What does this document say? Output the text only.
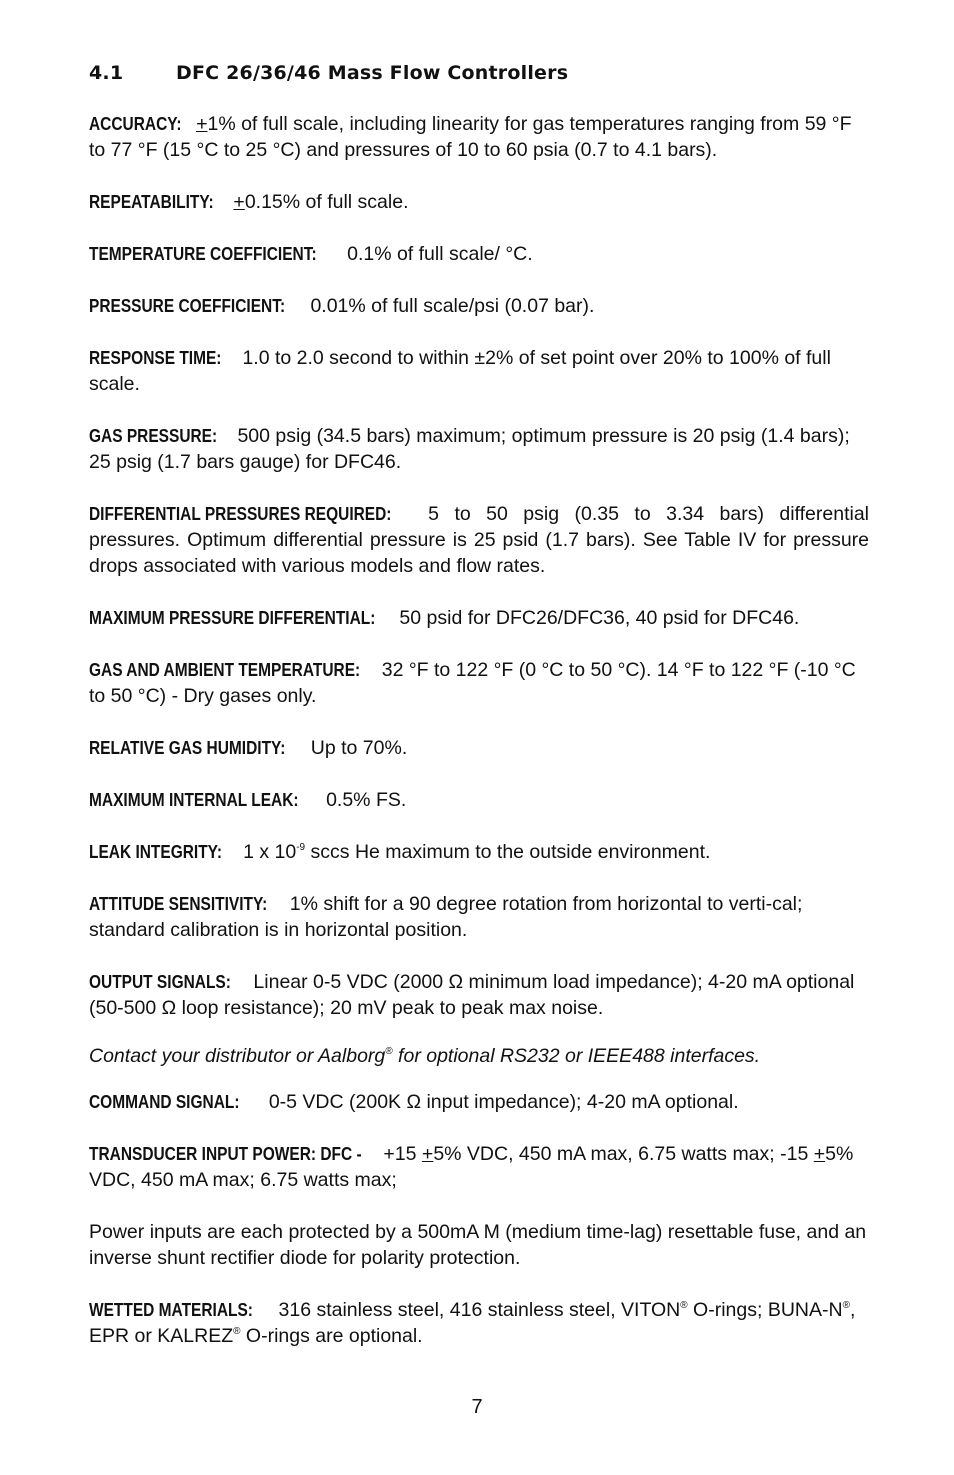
4.1	DFC 26/36/46 Mass Flow Controllers

ACCURACY: +1% of full scale, including linearity for gas temperatures ranging from 59 °F to 77 °F (15 °C to 25 °C) and pressures of 10 to 60 psia (0.7 to 4.1 bars).

REPEATABILITY: +0.15% of full scale.

TEMPERATURE COEFFICIENT: 0.1% of full scale/ °C.

PRESSURE COEFFICIENT: 0.01% of full scale/psi (0.07 bar).

RESPONSE TIME: 1.0 to 2.0 second to within ±2% of set point over 20% to 100% of full scale.

GAS PRESSURE: 500 psig (34.5 bars) maximum; optimum pressure is 20 psig (1.4 bars); 25 psig (1.7 bars gauge) for DFC46.

DIFFERENTIAL PRESSURES REQUIRED: 5 to 50 psig (0.35 to 3.34 bars) differential pressures. Optimum differential pressure is 25 psid (1.7 bars). See Table IV for pressure drops associated with various models and flow rates.

MAXIMUM PRESSURE DIFFERENTIAL: 50 psid for DFC26/DFC36, 40 psid for DFC46.

GAS AND AMBIENT TEMPERATURE: 32 °F to 122 °F (0 °C to 50 °C). 14 °F to 122 °F (-10 °C to 50 °C) - Dry gases only.

RELATIVE GAS HUMIDITY: Up to 70%.

MAXIMUM INTERNAL LEAK: 0.5% FS.

LEAK INTEGRITY: 1 x $10^{-9}$ sccs He maximum to the outside environment.

ATTITUDE SENSITIVITY: 1% shift for a 90 degree rotation from horizontal to verti-cal; standard calibration is in horizontal position.

OUTPUT SIGNALS: Linear 0-5 VDC (2000 Ω minimum load impedance); 4-20 mA optional (50-500 Ω loop resistance); 20 mV peak to peak max noise.

Contact your distributor or Aalborg® for optional RS232 or IEEE488 interfaces.

COMMAND SIGNAL: 0-5 VDC (200K Ω input impedance); 4-20 mA optional.

TRANSDUCER INPUT POWER: DFC - +15 +5% VDC, 450 mA max, 6.75 watts max; -15 +5% VDC, 450 mA max; 6.75 watts max;

Power inputs are each protected by a 500mA M (medium time-lag) resettable fuse, and an inverse shunt rectifier diode for polarity protection.

WETTED MATERIALS: 316 stainless steel, 416 stainless steel, VITON® O-rings; BUNA-N®, EPR or KALREZ® O-rings are optional.

7
